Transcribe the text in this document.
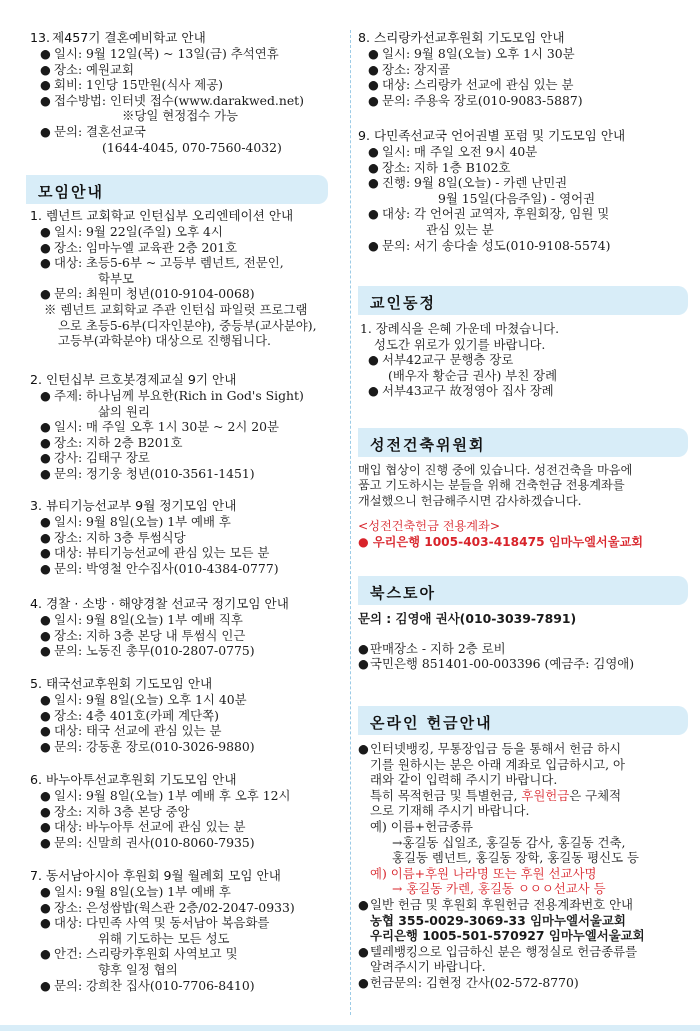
13. 제457기 결혼예비학교 안내

● 일시: 9월 12일(목) ~ 13일(금) 추석연휴
● 장소: 예원교회
● 회비: 1인당 15만원(식사 제공)
● 접수방법: 인터넷 접수(www.darakwed.net)
※당일 현정접수 가능
● 문의: 결혼선교국
(1644-4045, 070-7560-4032)
모임안내

1. 렘넌트 교회학교 인턴십부 오리엔테이션 안내

● 일시: 9월 22일(주일) 오후 4시
● 장소: 임마누엘 교육관 2층 201호
● 대상: 초등5-6부 ~ 고등부 렘넌트, 전문인,
학부모
● 문의: 최원미 청년(010-9104-0068)
※ 렘넌트 교회학교 주관 인턴십 파일럿 프로그램
으로 초등5-6부(디자인분야), 중등부(교사분야),
고등부(과학분야) 대상으로 진행됩니다.

2. 인턴십부 르호봇경제교실 9기 안내

● 주제: 하나님께 부요한(Rich in God's Sight)
삶의 원리
● 일시: 매 주일 오후 1시 30분 ~ 2시 20분
● 장소: 지하 2층 B201호
● 강사: 김태구 장로
● 문의: 정기웅 청년(010-3561-1451)

3. 뷰티기능선교부 9월 정기모임 안내

● 일시: 9월 8일(오늘) 1부 예배 후
● 장소: 지하 3층 투썸식당
● 대상: 뷰티기능선교에 관심 있는 모든 분
● 문의: 박영철 안수집사(010-4384-0777)

4. 경찰 · 소방 · 해양경찰 선교국 정기모임 안내

● 일시: 9월 8일(오늘) 1부 예배 직후
● 장소: 지하 3층 본당 내 투썸식 인근
● 문의: 노동진 총무(010-2807-0775)

5. 태국선교후원회 기도모임 안내

● 일시: 9월 8일(오늘) 오후 1시 40분
● 장소: 4층 401호(카페 계단쪽)
● 대상: 태국 선교에 관심 있는 분
● 문의: 강동훈 장로(010-3026-9880)

6. 바누아투선교후원회 기도모임 안내

● 일시: 9월 8일(오늘) 1부 예배 후 오후 12시
● 장소: 지하 3층 본당 중앙
● 대상: 바누아투 선교에 관심 있는 분
● 문의: 신말희 권사(010-8060-7935)

7. 동서남아시아 후원회 9월 월례회 모임 안내

● 일시: 9월 8일(오늘) 1부 예배 후
● 장소: 은성쌈밥(웍스관 2층/02-2047-0933)
● 대상: 다민족 사역 및 동서남아 복음화를
위해 기도하는 모든 성도
● 안건: 스리랑카후원회 사역보고 및
향후 일정 협의
● 문의: 강희찬 집사(010-7706-8410)

8. 스리랑카선교후원회 기도모임 안내

● 일시: 9월 8일(오늘) 오후 1시 30분
● 장소: 장지골
● 대상: 스리랑카 선교에 관심 있는 분
● 문의: 주용욱 장로(010-9083-5887)

9. 다민족선교국 언어권별 포럼 및 기도모임 안내

● 일시: 매 주일 오전 9시 40분
● 장소: 지하 1층 B102호
● 진행: 9월 8일(오늘) - 카렌 난민권
9월 15일(다음주일) - 영어권
● 대상: 각 언어권 교역자, 후원회장, 임원 및
관심 있는 분
● 문의: 서기 송다솔 성도(010-9108-5574)
교인동정
1. 장례식을 은혜 가운데 마쳤습니다.
성도간 위로가 있기를 바랍니다.
● 서부42교구 문행층 장로
(배우자 황순금 권사) 부친 장례
● 서부43교구 故정영아 집사 장례
성전건축위원회
매입 협상이 진행 중에 있습니다. 성전건축을 마음에
품고 기도하시는 분들을 위해 건축헌금 전용계좌를
개설했으니 헌금해주시면 감사하겠습니다.
<성전건축헌금 전용계좌>
● 우리은행 1005-403-418475 임마누엘서울교회
북스토아
문의 : 김영애 권사(010-3039-7891)
● 판매장소 - 지하 2층 로비
● 국민은행 851401-00-003396 (예금주: 김영애)
온라인 헌금안내
● 인터넷뱅킹, 무통장입금 등을 통해서 헌금 하시
기를 원하시는 분은 아래 계좌로 입금하시고, 아
래와 같이 입력해 주시기 바랍니다.
특히 목적헌금 및 특별헌금, 후원헌금은 구체적
으로 기재해 주시기 바랍니다.
예) 이름+헌금종류
→홍길동 십일조, 홍길동 감사, 홍길동 건축,
홍길동 렘넌트, 홍길동 장학, 홍길동 평신도 등
예) 이름+후원 나라명 또는 후원 선교사명
→ 홍길동 카렌, 홍길동 ㅇㅇㅇ선교사 등
● 일반 헌금 및 후원회 후원헌금 전용계좌번호 안내
농협 355-0029-3069-33 임마누엘서울교회
우리은행 1005-501-570927 임마누엘서울교회
● 텔레뱅킹으로 입금하신 분은 행정실로 헌금종류를
알려주시기 바랍니다.
● 헌금문의: 김현정 간사(02-572-8770)
